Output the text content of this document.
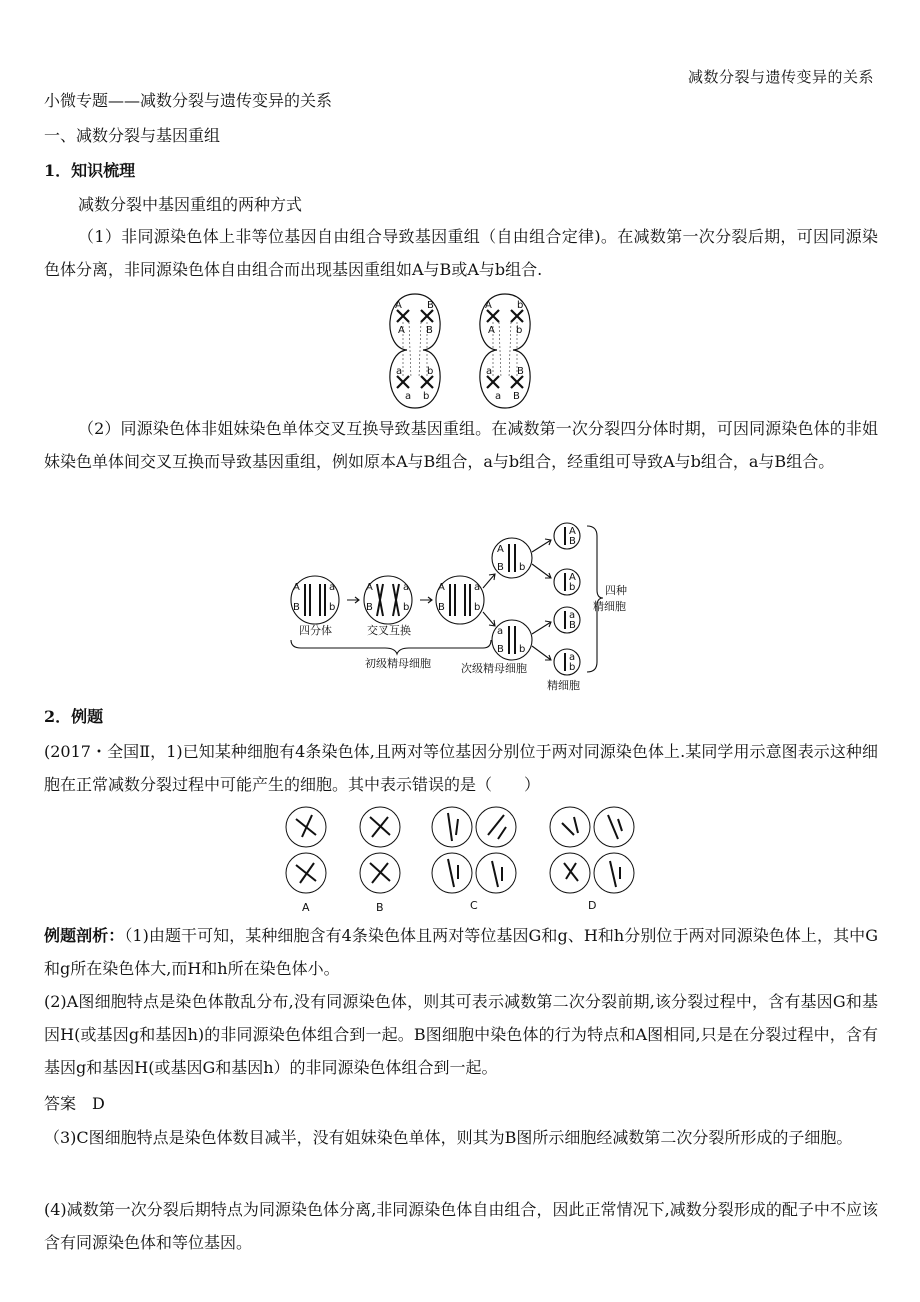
减数分裂与遗传变异的关系
小微专题——减数分裂与遗传变异的关系
一、减数分裂与基因重组
1．知识梳理
减数分裂中基因重组的两种方式
（1）非同源染色体上非等位基因自由组合导致基因重组（自由组合定律)。在减数第一次分裂后期，可因同源染色体分离，非同源染色体自由组合而出现基因重组如A与B或A与b组合.
A	B
A B
a
a
b
b
A	b
A b
a
a
B
B
（2）同源染色体非姐妹染色单体交叉互换导致基因重组。在减数第一次分裂四分体时期，可因同源染色体的非姐妹染色单体间交叉互换而导致基因重组，例如原本A与B组合，a与b组合，经重组可导致A与b组合，a与B组合。
A	a
B	b
A	a
B	b
A	a
B	b
A
B b
a
B b
A
B
A
b
a
B
a
b
四分体	交叉互换
初级精母细胞	次级精母细胞
精细胞
四种
精细胞
2．例题
(2017・全国Ⅱ，1)已知某种细胞有4条染色体,且两对等位基因分别位于两对同源染色体上.某同学用示意图表示这种细胞在正常减数分裂过程中可能产生的细胞。其中表示错误的是（　　）
A	B	C	D
例题剖析：（1)由题干可知，某种细胞含有4条染色体且两对等位基因G和g、H和h分别位于两对同源染色体上，其中G和g所在染色体大,而H和h所在染色体小。
(2)A图细胞特点是染色体散乱分布,没有同源染色体，则其可表示减数第二次分裂前期,该分裂过程中，含有基因G和基因H(或基因g和基因h)的非同源染色体组合到一起。B图细胞中染色体的行为特点和A图相同,只是在分裂过程中，含有基因g和基因H(或基因G和基因h）的非同源染色体组合到一起。
答案　D
（3)C图细胞特点是染色体数目减半，没有姐妹染色单体，则其为B图所示细胞经减数第二次分裂所形成的子细胞。
(4)减数第一次分裂后期特点为同源染色体分离,非同源染色体自由组合，因此正常情况下,减数分裂形成的配子中不应该含有同源染色体和等位基因。
